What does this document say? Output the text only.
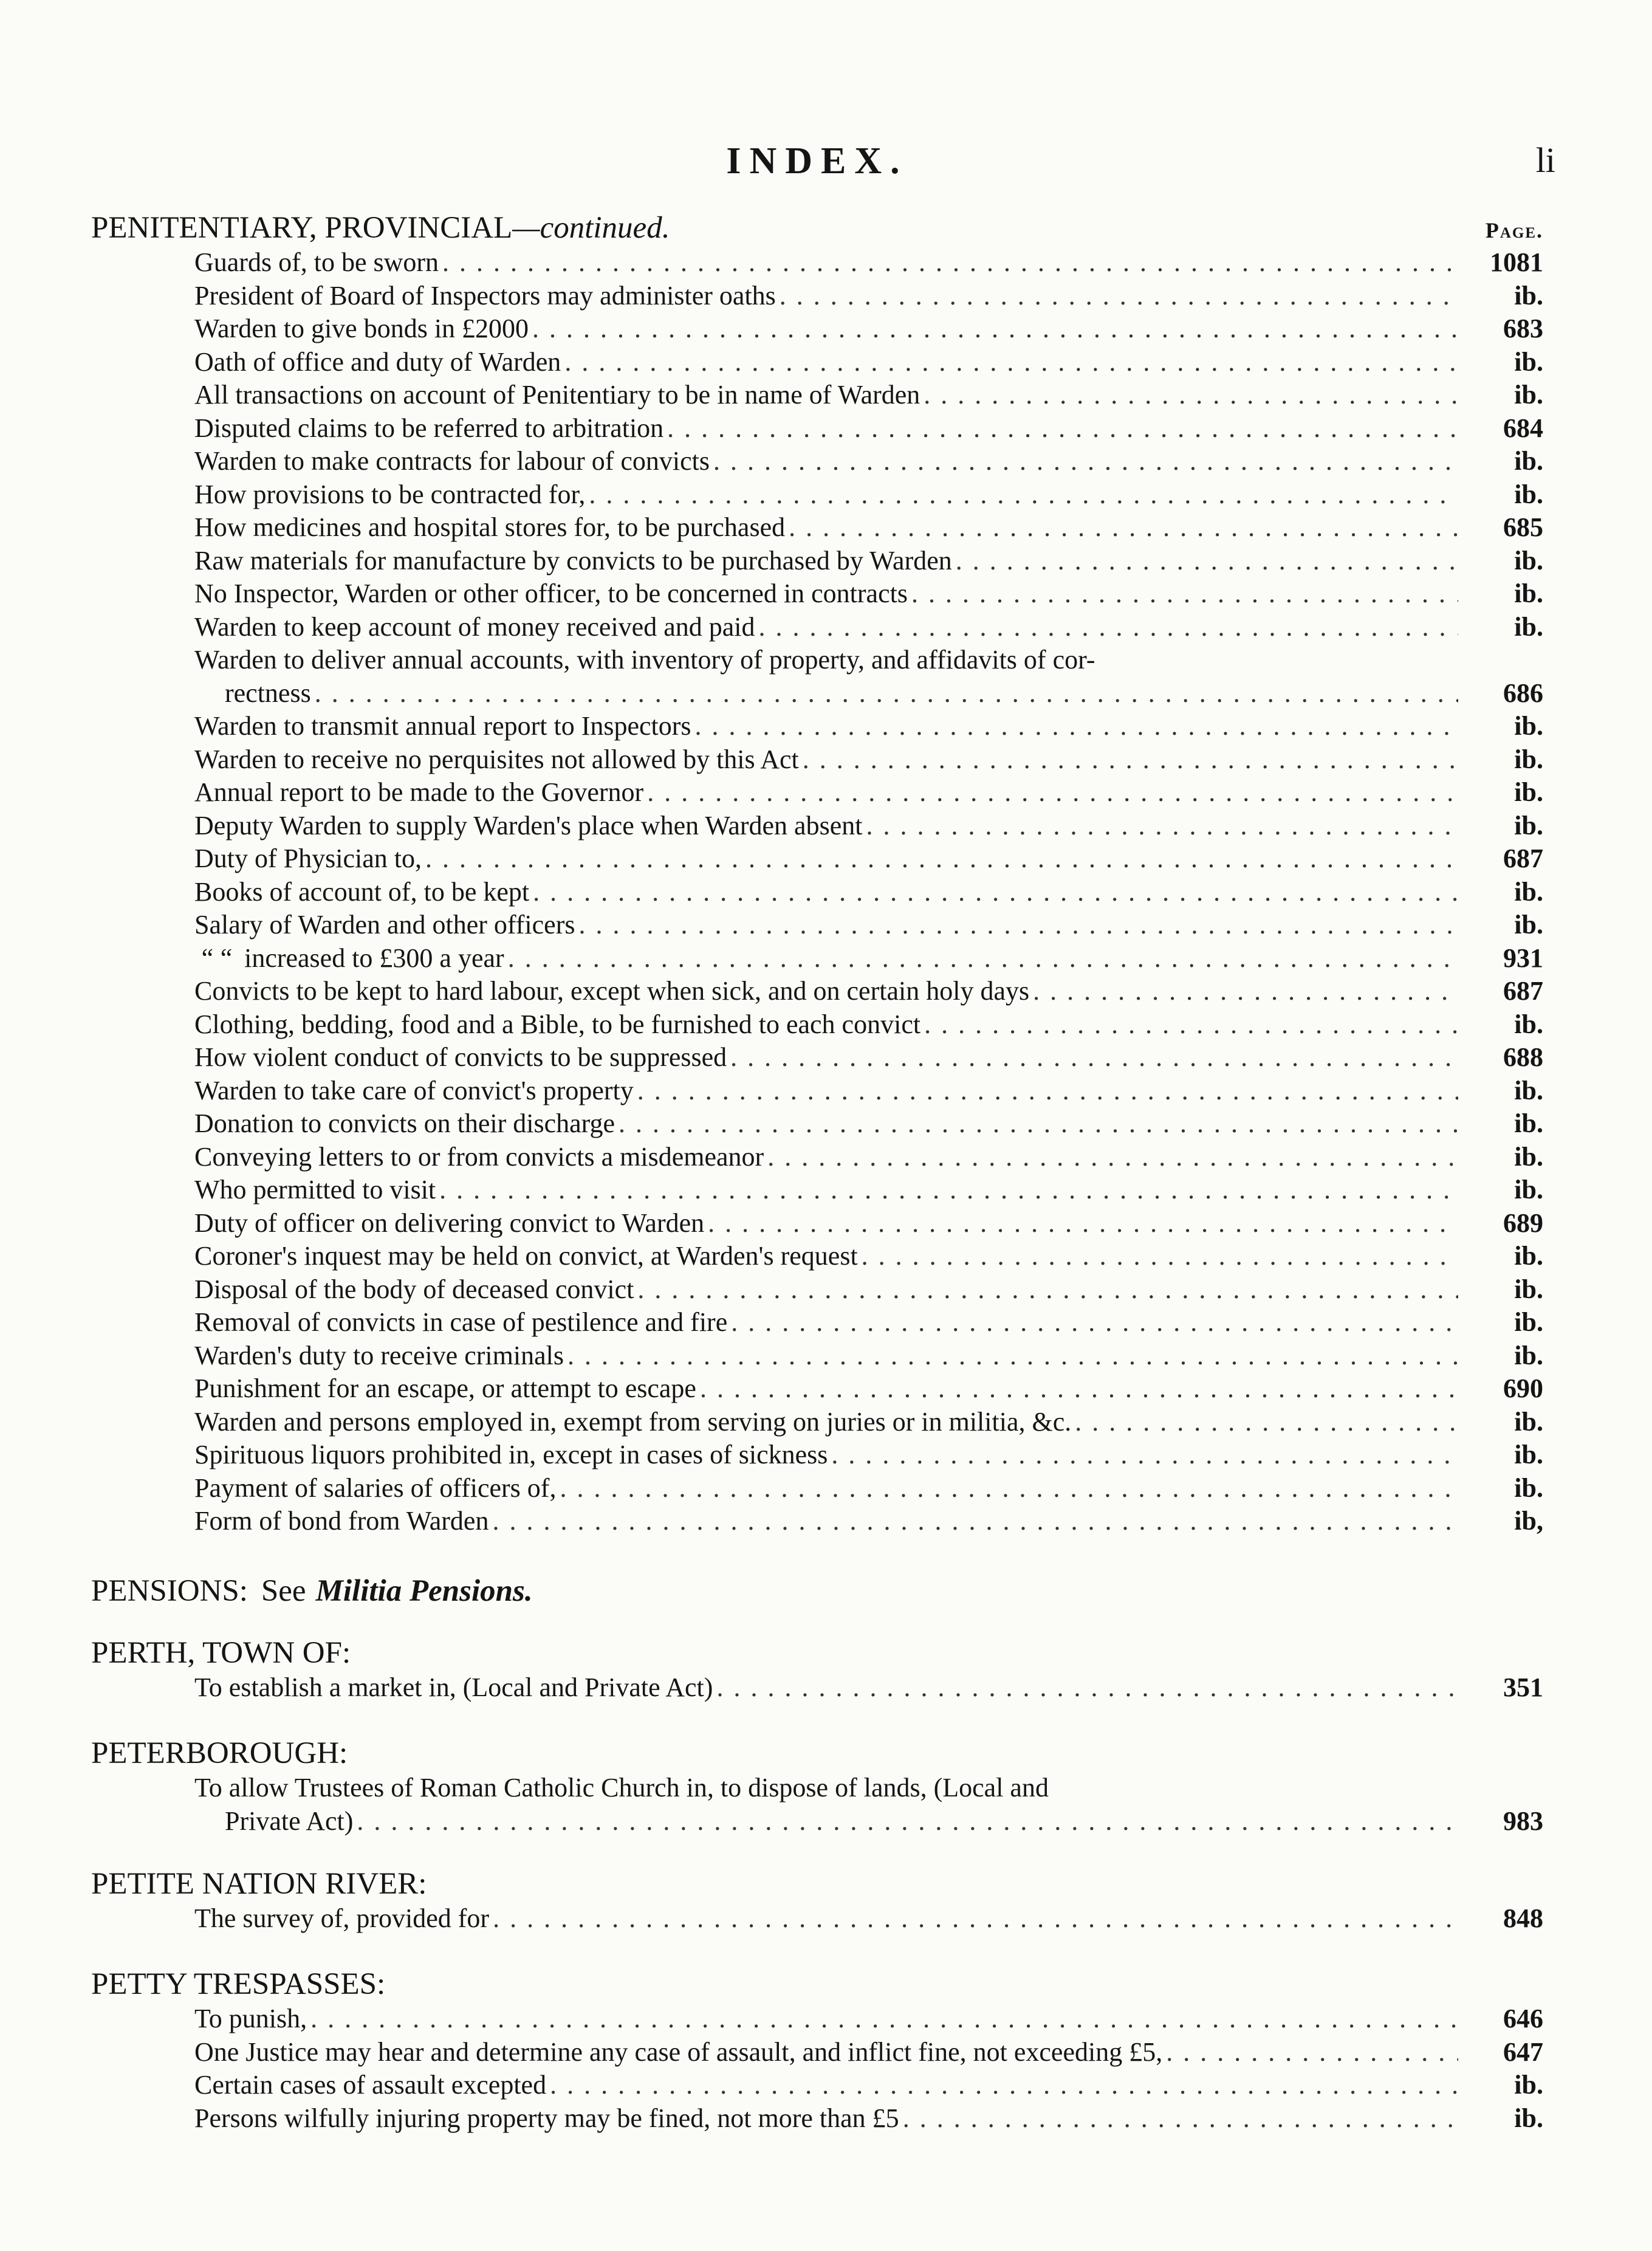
INDEX.	li
PENITENTIARY, PROVINCIAL —continued.	Page.
Guards of, to be sworn . . .	1081
President of Board of Inspectors may administer oaths . . .	ib.
Warden to give bonds in £2000 . . .	683
Oath of office and duty of Warden . . .	ib.
All transactions on account of Penitentiary to be in name of Warden . . .	ib.
Disputed claims to be referred to arbitration . . .	684
Warden to make contracts for labour of convicts . . .	ib.
How provisions to be contracted for, . . .	ib.
How medicines and hospital stores for, to be purchased . . .	685
Raw materials for manufacture by convicts to be purchased by Warden . . .	ib.
No Inspector, Warden or other officer, to be concerned in contracts . . .	ib.
Warden to keep account of money received and paid . . .	ib.
Warden to deliver annual accounts, with inventory of property, and affidavits of cor-
rectness . . .	686
Warden to transmit annual report to Inspectors . . .	ib.
Warden to receive no perquisites not allowed by this Act . . .	ib.
Annual report to be made to the Governor . . .	ib.
Deputy Warden to supply Warden's place when Warden absent . . .	ib.
Duty of Physician to, . . .	687
Books of account of, to be kept . . .	ib.
Salary of Warden and other officers . . .	ib.
“ “ increased to £300 a year . . .	931
Convicts to be kept to hard labour, except when sick, and on certain holy days . . .	687
Clothing, bedding, food and a Bible, to be furnished to each convict . . .	ib.
How violent conduct of convicts to be suppressed . . .	688
Warden to take care of convict's property . . .	ib.
Donation to convicts on their discharge . . .	ib.
Conveying letters to or from convicts a misdemeanor . . .	ib.
Who permitted to visit . . .	ib.
Duty of officer on delivering convict to Warden . . .	689
Coroner's inquest may be held on convict, at Warden's request . . .	ib.
Disposal of the body of deceased convict . . .	ib.
Removal of convicts in case of pestilence and fire . . .	ib.
Warden's duty to receive criminals . . .	ib.
Punishment for an escape, or attempt to escape . . .	690
Warden and persons employed in, exempt from serving on juries or in militia, &c. . . .	ib.
Spirituous liquors prohibited in, except in cases of sickness . . .	ib.
Payment of salaries of officers of, . . .	ib.
Form of bond from Warden . . .	ib,
PENSIONS: See Militia Pensions.
PERTH, TOWN OF:
To establish a market in, (Local and Private Act) . . .	351
PETERBOROUGH:
To allow Trustees of Roman Catholic Church in, to dispose of lands, (Local and
Private Act) . . .	983
PETITE NATION RIVER:
The survey of, provided for . . .	848
PETTY TRESPASSES:
To punish, . . .	646
One Justice may hear and determine any case of assault, and inflict fine, not exceeding £5, . . .	647
Certain cases of assault excepted . . .	ib.
Persons wilfully injuring property may be fined, not more than £5 . . .	ib.
